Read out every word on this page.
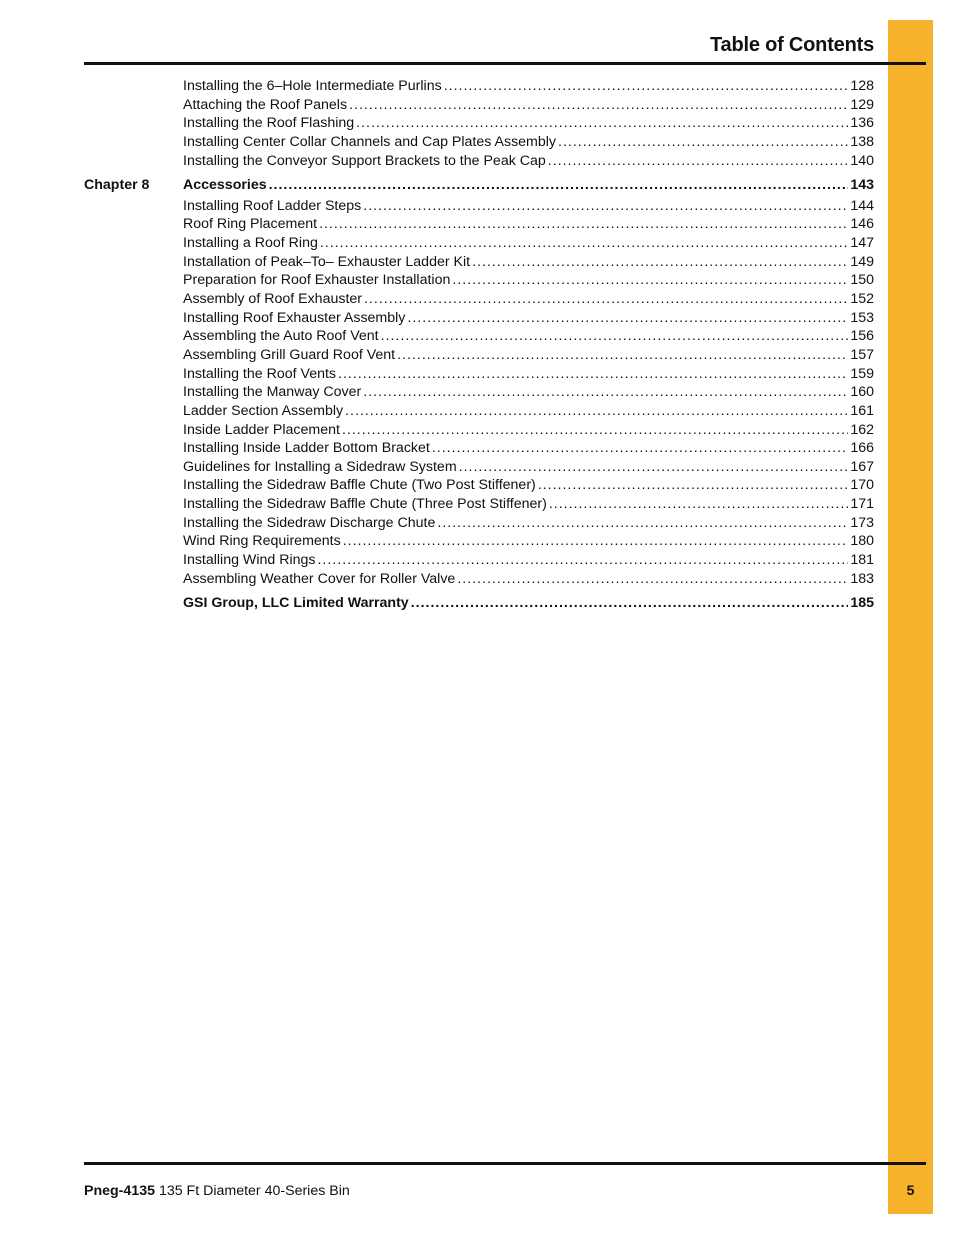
Table of Contents
Installing the 6–Hole Intermediate Purlins .....	128
Attaching the Roof Panels .....	129
Installing the Roof Flashing .....	136
Installing Center Collar Channels and Cap Plates Assembly .....	138
Installing the Conveyor Support Brackets to the Peak Cap .....	140
Chapter 8	Accessories .....	143
Installing Roof Ladder Steps .....	144
Roof Ring Placement .....	146
Installing a Roof Ring .....	147
Installation of Peak–To– Exhauster Ladder Kit .....	149
Preparation for Roof Exhauster Installation .....	150
Assembly of Roof Exhauster .....	152
Installing Roof Exhauster Assembly .....	153
Assembling the Auto Roof Vent .....	156
Assembling Grill Guard Roof Vent .....	157
Installing the Roof Vents .....	159
Installing the Manway Cover .....	160
Ladder Section Assembly .....	161
Inside Ladder Placement .....	162
Installing Inside Ladder Bottom Bracket .....	166
Guidelines for Installing a Sidedraw System .....	167
Installing the Sidedraw Baffle Chute (Two Post Stiffener) .....	170
Installing the Sidedraw Baffle Chute (Three Post Stiffener) .....	171
Installing the Sidedraw Discharge Chute .....	173
Wind Ring Requirements .....	180
Installing Wind Rings .....	181
Assembling Weather Cover for Roller Valve .....	183
GSI Group, LLC Limited Warranty .....	185
Pneg-4135 135 Ft Diameter 40-Series Bin	5
